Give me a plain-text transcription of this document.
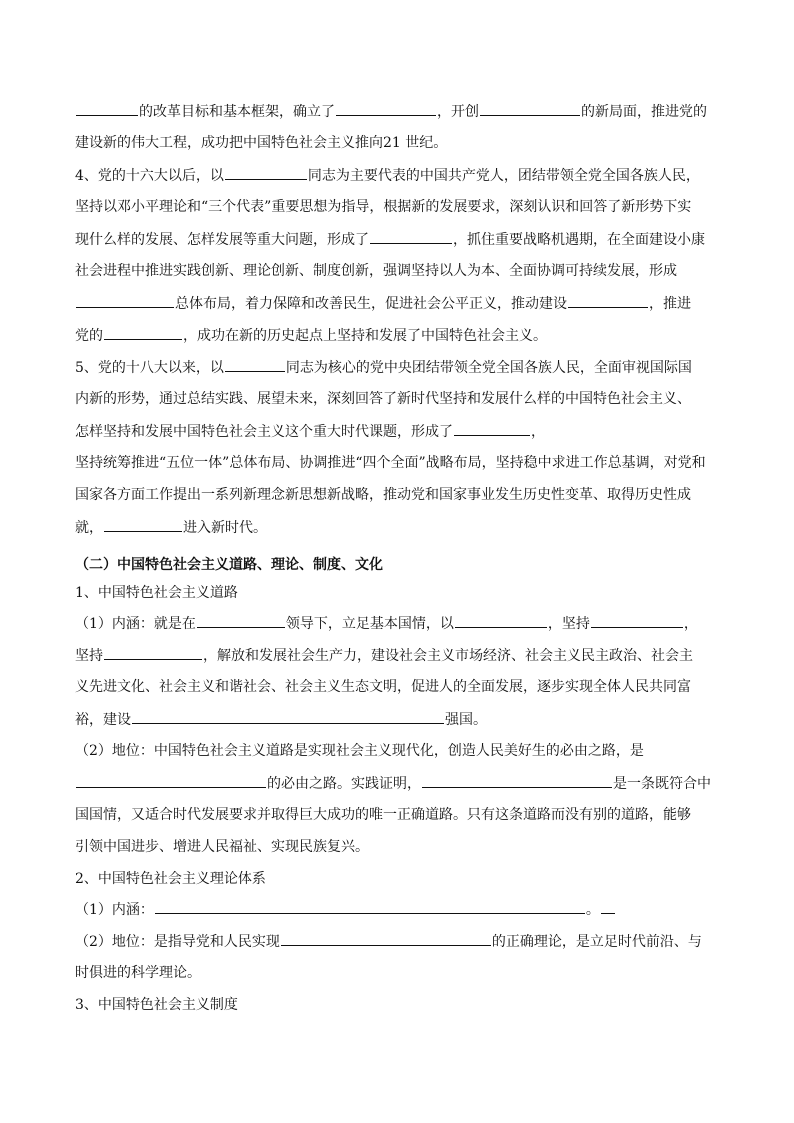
的改革目标和基本框架，确立了	，开创	的新局面，推进党的
建设新的伟大工程，成功把中国特色社会主义推向21 世纪。
4、党的十六大以后，以	同志为主要代表的中国共产党人，团结带领全党全国各族人民，
坚持以邓小平理论和“三个代表”重要思想为指导，根据新的发展要求，深刻认识和回答了新形势下实
现什么样的发展、怎样发展等重大问题，形成了	，抓住重要战略机遇期，在全面建设小康
社会进程中推进实践创新、理论创新、制度创新，强调坚持以人为本、全面协调可持续发展，形成
总体布局，着力保障和改善民生，促进社会公平正义，推动建设	，推进
党的	，成功在新的历史起点上坚持和发展了中国特色社会主义。
5、党的十八大以来，以	同志为核心的党中央团结带领全党全国各族人民，全面审视国际国
内新的形势，通过总结实践、展望未来，深刻回答了新时代坚持和发展什么样的中国特色社会主义、
怎样坚持和发展中国特色社会主义这个重大时代课题，形成了	，
坚持统筹推进“五位一体”总体布局、协调推进“四个全面”战略布局，坚持稳中求进工作总基调，对党和
国家各方面工作提出一系列新理念新思想新战略，推动党和国家事业发生历史性变革、取得历史性成
就，	进入新时代。
（二）中国特色社会主义道路、理论、制度、文化
1、中国特色社会主义道路
（1）内涵：就是在	领导下，立足基本国情，以	，坚持	，
坚持	，解放和发展社会生产力，建设社会主义市场经济、社会主义民主政治、社会主
义先进文化、社会主义和谐社会、社会主义生态文明，促进人的全面发展，逐步实现全体人民共同富
裕，建设	强国。
（2）地位：中国特色社会主义道路是实现社会主义现代化，创造人民美好生的必由之路，是
的必由之路。实践证明，	是一条既符合中
国国情，又适合时代发展要求并取得巨大成功的唯一正确道路。只有这条道路而没有别的道路，能够
引领中国进步、增进人民福祉、实现民族复兴。
2、中国特色社会主义理论体系
（1）内涵：	。
（2）地位：是指导党和人民实现	的正确理论，是立足时代前沿、与
时俱进的科学理论。
3、中国特色社会主义制度
